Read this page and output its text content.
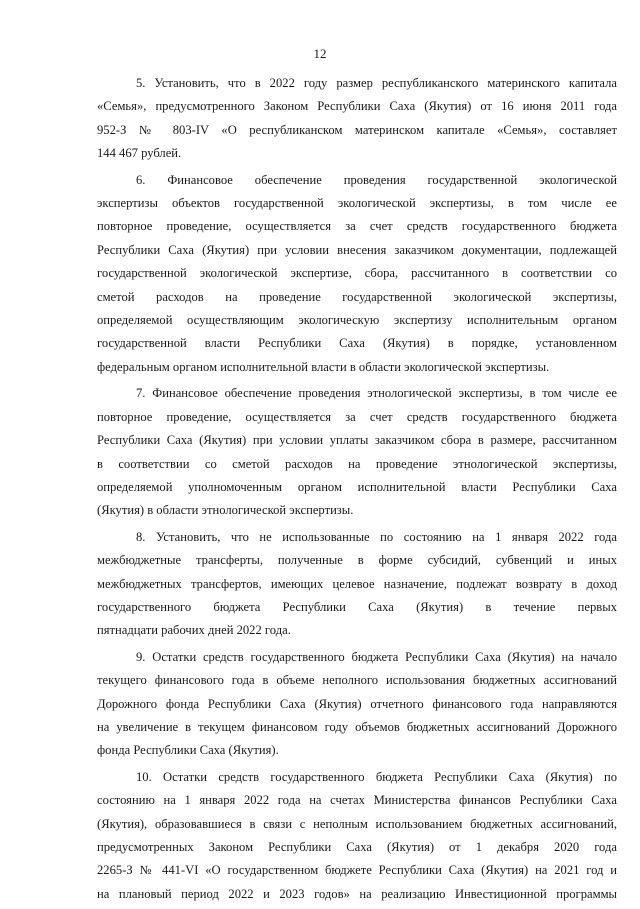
12
5. Установить, что в 2022 году размер республиканского материнского капитала
«Семья», предусмотренного Законом Республики Саха (Якутия) от 16 июня 2011 года
952-З № 803-IV «О республиканском материнском капитале «Семья», составляет
144 467 рублей.
6. Финансовое обеспечение проведения государственной экологической
экспертизы объектов государственной экологической экспертизы, в том числе ее
повторное проведение, осуществляется за счет средств государственного бюджета
Республики Саха (Якутия) при условии внесения заказчиком документации, подлежащей
государственной экологической экспертизе, сбора, рассчитанного в соответствии со
сметой расходов на проведение государственной экологической экспертизы,
определяемой осуществляющим экологическую экспертизу исполнительным органом
государственной власти Республики Саха (Якутия) в порядке, установленном
федеральным органом исполнительной власти в области экологической экспертизы.
7. Финансовое обеспечение проведения этнологической экспертизы, в том числе ее
повторное проведение, осуществляется за счет средств государственного бюджета
Республики Саха (Якутия) при условии уплаты заказчиком сбора в размере, рассчитанном
в соответствии со сметой расходов на проведение этнологической экспертизы,
определяемой уполномоченным органом исполнительной власти Республики Саха
(Якутия) в области этнологической экспертизы.
8. Установить, что не использованные по состоянию на 1 января 2022 года
межбюджетные трансферты, полученные в форме субсидий, субвенций и иных
межбюджетных трансфертов, имеющих целевое назначение, подлежат возврату в доход
государственного бюджета Республики Саха (Якутия) в течение первых
пятнадцати рабочих дней 2022 года.
9. Остатки средств государственного бюджета Республики Саха (Якутия) на начало
текущего финансового года в объеме неполного использования бюджетных ассигнований
Дорожного фонда Республики Саха (Якутия) отчетного финансового года направляются
на увеличение в текущем финансовом году объемов бюджетных ассигнований Дорожного
фонда Республики Саха (Якутия).
10. Остатки средств государственного бюджета Республики Саха (Якутия) по
состоянию на 1 января 2022 года на счетах Министерства финансов Республики Саха
(Якутия), образовавшиеся в связи с неполным использованием бюджетных ассигнований,
предусмотренных Законом Республики Саха (Якутия) от 1 декабря 2020 года
2265-З № 441-VI «О государственном бюджете Республики Саха (Якутия) на 2021 год и
на плановый период 2022 и 2023 годов» на реализацию Инвестиционной программы
